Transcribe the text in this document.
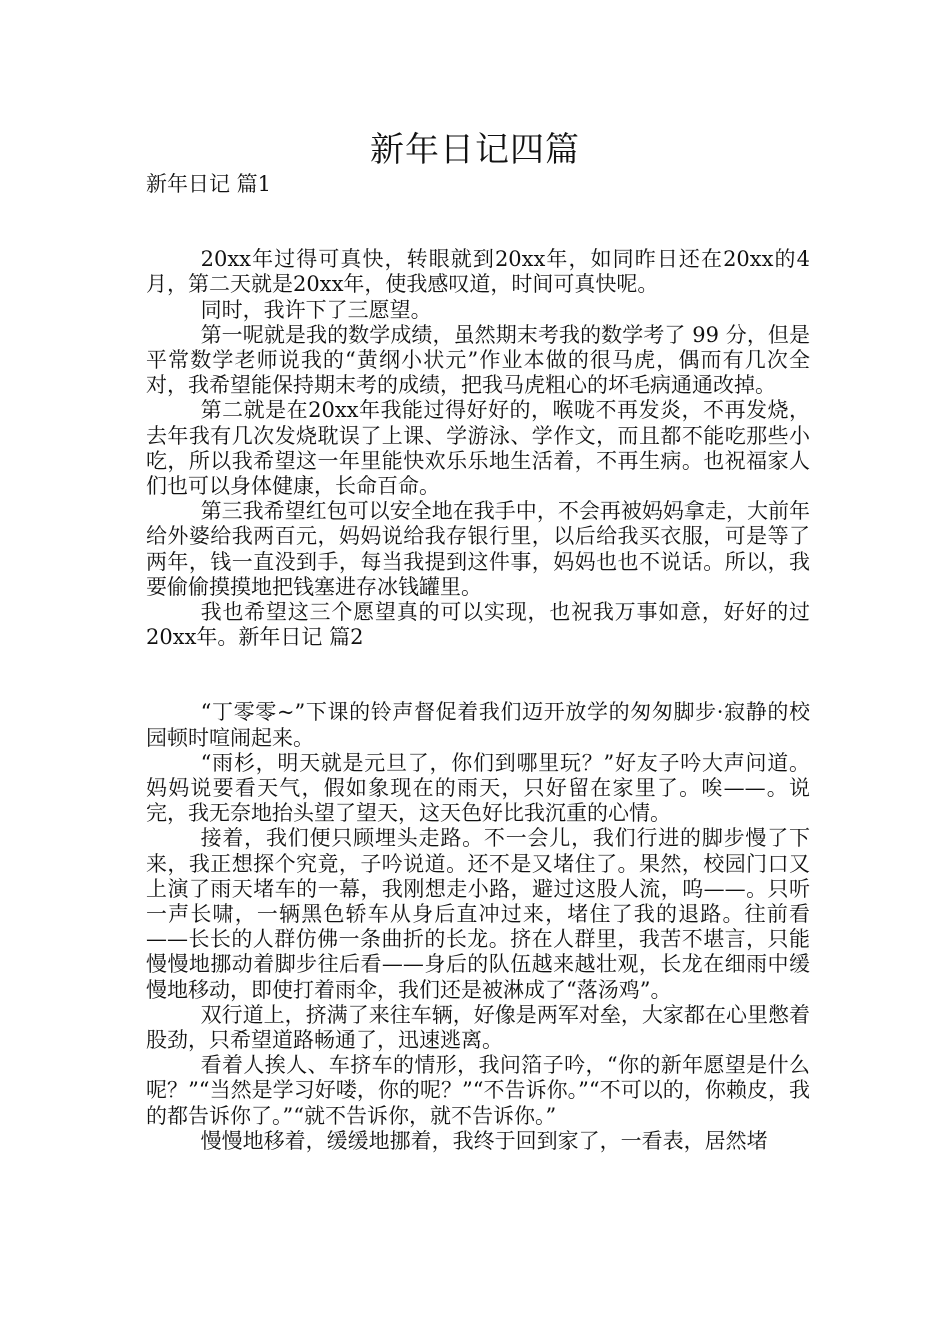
新年日记四篇

新年日记 篇1

20xx年过得可真快，转眼就到20xx年，如同昨日还在20xx的4月，第二天就是20xx年，使我感叹道，时间可真快呢。

同时，我许下了三愿望。

第一呢就是我的数学成绩，虽然期末考我的数学考了 99 分，但是平常数学老师说我的“黄纲小状元”作业本做的很马虎，偶而有几次全对，我希望能保持期末考的成绩，把我马虎粗心的坏毛病通通改掉。

第二就是在20xx年我能过得好好的，喉咙不再发炎，不再发烧，去年我有几次发烧耽误了上课、学游泳、学作文，而且都不能吃那些小吃，所以我希望这一年里能快欢乐乐地生活着，不再生病。也祝福家人们也可以身体健康，长命百命。

第三我希望红包可以安全地在我手中，不会再被妈妈拿走，大前年给外婆给我两百元，妈妈说给我存银行里，以后给我买衣服，可是等了两年，钱一直没到手，每当我提到这件事，妈妈也也不说话。所以，我要偷偷摸摸地把钱塞进存冰钱罐里。

我也希望这三个愿望真的可以实现，也祝我万事如意，好好的过20xx年。新年日记 篇2

“丁零零~”下课的铃声督促着我们迈开放学的匆匆脚步·寂静的校园顿时喧闹起来。

“雨杉，明天就是元旦了，你们到哪里玩？”好友子吟大声问道。妈妈说要看天气，假如象现在的雨天，只好留在家里了。唉——。说完，我无奈地抬头望了望天，这天色好比我沉重的心情。

接着，我们便只顾埋头走路。不一会儿，我们行进的脚步慢了下来，我正想探个究竟，子吟说道。还不是又堵住了。果然，校园门口又上演了雨天堵车的一幕，我刚想走小路，避过这股人流，呜——。只听一声长啸，一辆黑色轿车从身后直冲过来，堵住了我的退路。往前看——长长的人群仿佛一条曲折的长龙。挤在人群里，我苦不堪言，只能慢慢地挪动着脚步往后看——身后的队伍越来越壮观，长龙在细雨中缓慢地移动，即使打着雨伞，我们还是被淋成了“落汤鸡”。

双行道上，挤满了来往车辆，好像是两军对垒，大家都在心里憋着股劲，只希望道路畅通了，迅速逃离。

看着人挨人、车挤车的情形，我问箔子吟，“你的新年愿望是什么呢？”“当然是学习好喽，你的呢？”“不告诉你。”“不可以的，你赖皮，我的都告诉你了。”“就不告诉你，就不告诉你。”

慢慢地移着，缓缓地挪着，我终于回到家了，一看表，居然堵
